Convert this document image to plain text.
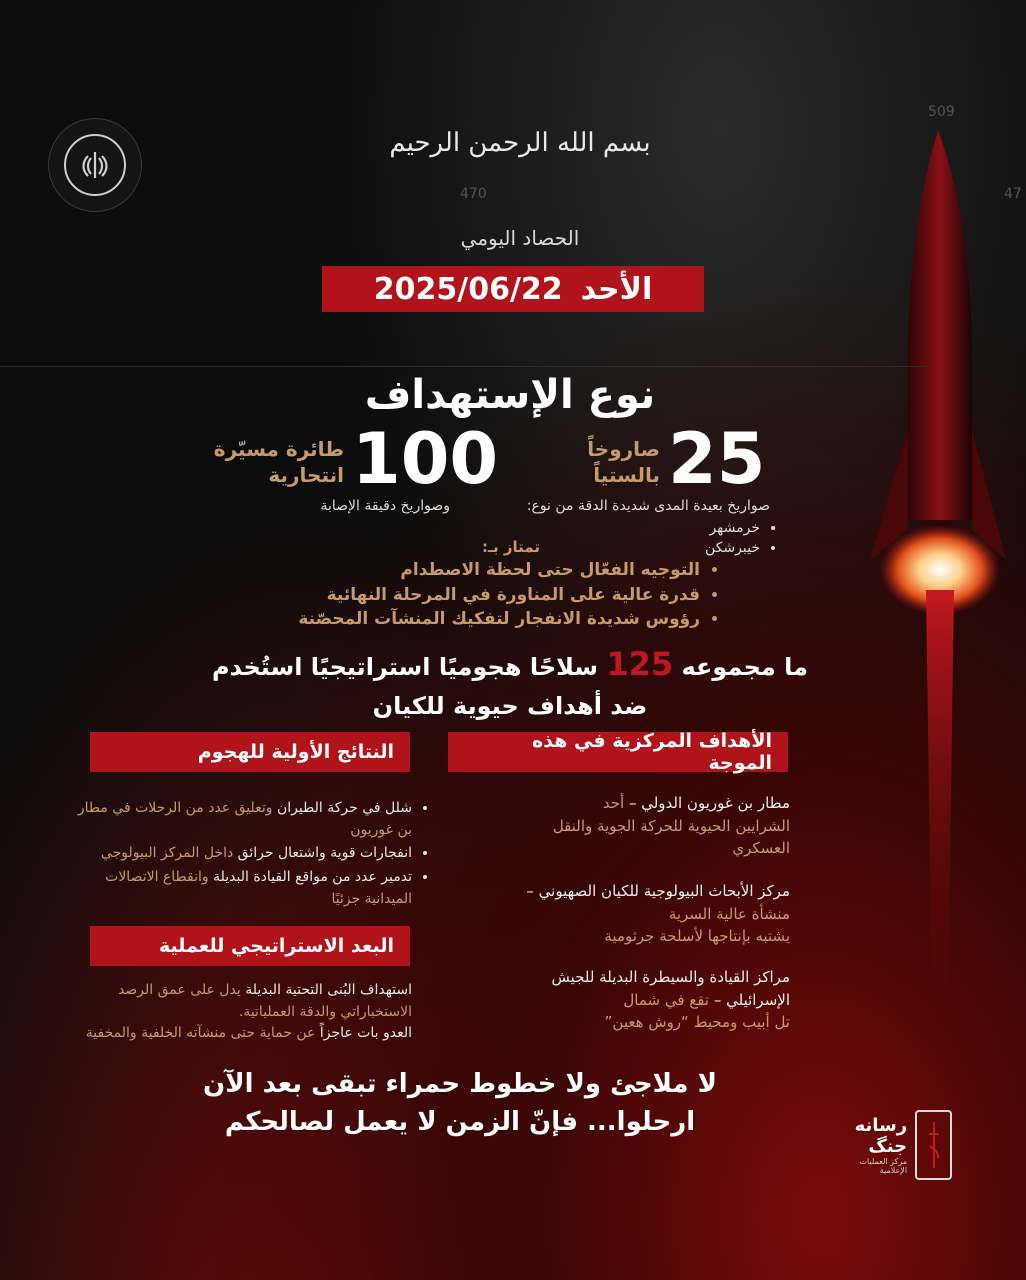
509
470	47
بسم الله الرحمن الرحيم
الحصاد اليومي
الأحد
2025/06/22
نوع الإستهداف
25
صاروخاً
بالستياً
صواريخ بعيدة المدى شديدة الدقة من نوع:
• خرمشهر
• خيبرشكن
100
طائرة مسيّرة
انتحارية
وصواريخ دقيقة الإصابة
تمتاز بـ:
• التوجيه الفعّال حتى لحظة الاصطدام
• قدرة عالية على المناورة في المرحلة النهائية
• رؤوس شديدة الانفجار لتفكيك المنشآت المحصّنة
ما مجموعه 125 سلاحًا هجوميًا استراتيجيًا استُخدم
ضد أهداف حيوية للكيان
الأهداف المركزية في هذه الموجة
مطار بن غوريون الدولي – أحد
الشرايين الحيوية للحركة الجوية والنقل العسكري
مركز الأبحاث البيولوجية للكيان الصهيوني – منشأة عالية السرية
يشتبه بإنتاجها لأسلحة جرثومية
مراكز القيادة والسيطرة البديلة للجيش الإسرائيلي – تقع في شمال
تل أبيب ومحيط “روش هعين”
النتائج الأولية للهجوم
• شلل في حركة الطيران وتعليق عدد من الرحلات في مطار بن غوريون
• انفجارات قوية واشتعال حرائق داخل المركز البيولوجي
• تدمير عدد من مواقع القيادة البديلة وانقطاع الاتصالات الميدانية جزئيًا
البعد الاستراتيجي للعملية
استهداف البُنى التحتية البديلة يدل على عمق الرصد الاستخباراتي والدقة العملياتية.
العدو بات عاجزاً عن حماية حتى منشآته الخلفية والمخفية
لا ملاجئ ولا خطوط حمراء تبقى بعد الآن
ارحلوا... فإنّ الزمن لا يعمل لصالحكم	رسانه
جنگ
مركز العمليات الإعلامية
